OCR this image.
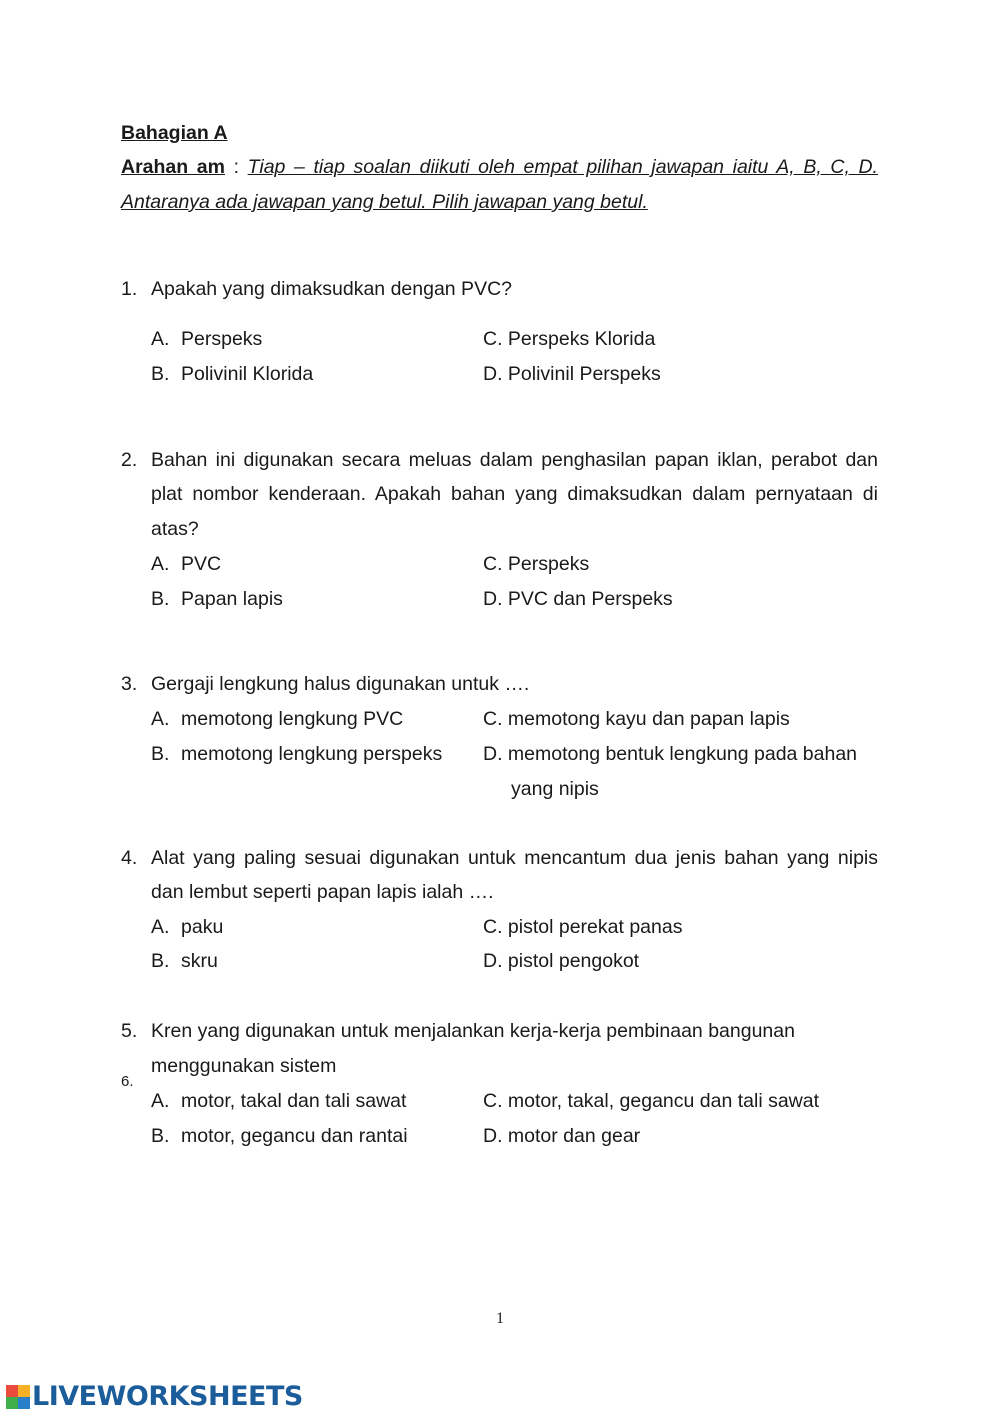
Bahagian A
Arahan am : Tiap – tiap soalan diikuti oleh empat pilihan jawapan iaitu A, B, C, D.
Antaranya ada jawapan yang betul. Pilih jawapan yang betul.
1. Apakah yang dimaksudkan dengan PVC?
A. Perspeks	C. Perspeks Klorida
B. Polivinil Klorida	D. Polivinil Perspeks
2. Bahan ini digunakan secara meluas dalam penghasilan papan iklan, perabot dan
plat nombor kenderaan. Apakah bahan yang dimaksudkan dalam pernyataan di
atas?
A. PVC	C. Perspeks
B. Papan lapis	D. PVC dan Perspeks
3. Gergaji lengkung halus digunakan untuk ….
A. memotong lengkung PVC	C. memotong kayu dan papan lapis
B. memotong lengkung perspeks D. memotong bentuk lengkung pada bahan
yang nipis
4. Alat yang paling sesuai digunakan untuk mencantum dua jenis bahan yang nipis
dan lembut seperti papan lapis ialah ….
A. paku	C. pistol perekat panas
B. skru	D. pistol pengokot
5. Kren yang digunakan untuk menjalankan kerja-kerja pembinaan bangunan
menggunakan sistem
6.
A. motor, takal dan tali sawat	C. motor, takal, gegancu dan tali sawat
B. motor, gegancu dan rantai	D. motor dan gear
1
LIVEWORKSHEETS
